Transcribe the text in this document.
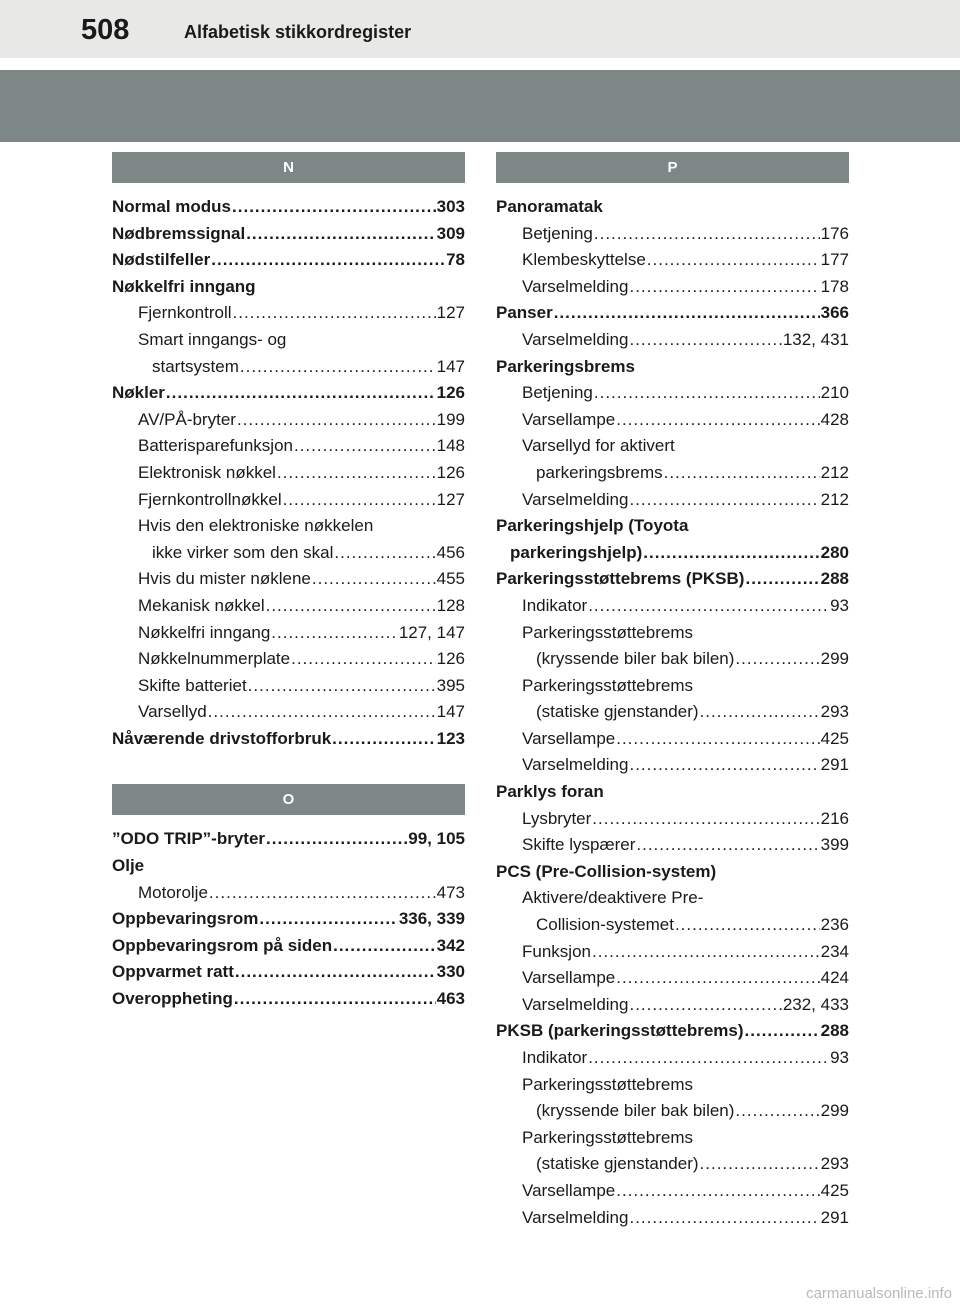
508	Alfabetisk stikkordregister
N
Normal modus .....	303
Nødbremssignal .....	309
Nødstilfeller .....	78
Nøkkelfri inngang
Fjernkontroll .....	127
Smart inngangs- og
startsystem .....	147
Nøkler .....	126
AV/PÅ-bryter .....	199
Batterisparefunksjon .....	148
Elektronisk nøkkel .....	126
Fjernkontrollnøkkel .....	127
Hvis den elektroniske nøkkelen
ikke virker som den skal .....	456
Hvis du mister nøklene .....	455
Mekanisk nøkkel .....	128
Nøkkelfri inngang .....	127, 147
Nøkkelnummerplate .....	126
Skifte batteriet .....	395
Varsellyd .....	147
Nåværende drivstofforbruk .....	123
O
”ODO TRIP”-bryter .....	99, 105
Olje
Motorolje .....	473
Oppbevaringsrom .....	336, 339
Oppbevaringsrom på siden .....	342
Oppvarmet ratt .....	330
Overoppheting .....	463
P
Panoramatak
Betjening .....	176
Klembeskyttelse .....	177
Varselmelding .....	178
Panser .....	366
Varselmelding .....	132, 431
Parkeringsbrems
Betjening .....	210
Varsellampe .....	428
Varsellyd for aktivert
parkeringsbrems .....	212
Varselmelding .....	212
Parkeringshjelp (Toyota
parkeringshjelp) .....	280
Parkeringsstøttebrems (PKSB) .....	288
Indikator .....	93
Parkeringsstøttebrems
(kryssende biler bak bilen) .....	299
Parkeringsstøttebrems
(statiske gjenstander) .....	293
Varsellampe .....	425
Varselmelding .....	291
Parklys foran
Lysbryter .....	216
Skifte lyspærer .....	399
PCS (Pre-Collision-system)
Aktivere/deaktivere Pre-
Collision-systemet .....	236
Funksjon .....	234
Varsellampe .....	424
Varselmelding .....	232, 433
PKSB (parkeringsstøttebrems) .....	288
Indikator .....	93
Parkeringsstøttebrems
(kryssende biler bak bilen) .....	299
Parkeringsstøttebrems
(statiske gjenstander) .....	293
Varsellampe .....	425
Varselmelding .....	291
carmanualsonline.info
